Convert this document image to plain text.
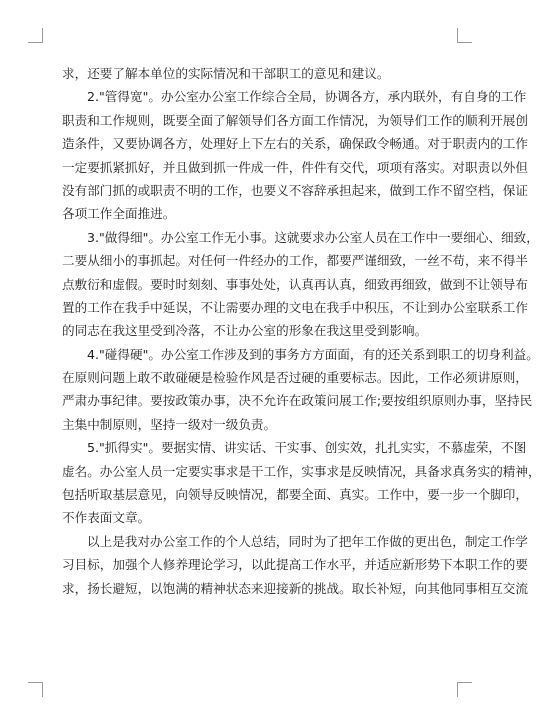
求，还要了解本单位的实际情况和干部职工的意见和建议。
2."管得宽"。办公室办公室工作综合全局，协调各方，承内联外，有自身的工作
职责和工作规则，既要全面了解领导们各方面工作情况，为领导们工作的顺利开展创
造条件，又要协调各方，处理好上下左右的关系，确保政令畅通。对于职责内的工作
一定要抓紧抓好，并且做到抓一件成一件，件件有交代，项项有落实。对职责以外但
没有部门抓的或职责不明的工作，也要义不容辞承担起来，做到工作不留空档，保证
各项工作全面推进。
3."做得细"。办公室工作无小事。这就要求办公室人员在工作中一要细心、细致，
二要从细小的事抓起。对任何一件经办的工作，都要严谨细致，一丝不苟，来不得半
点敷衍和虚假。要时时刻刻、事事处处，认真再认真，细致再细致，做到不让领导布
置的工作在我手中延误，不让需要办理的文电在我手中积压，不让到办公室联系工作
的同志在我这里受到冷落，不让办公室的形象在我这里受到影响。
4."碰得硬"。办公室工作涉及到的事务方方面面，有的还关系到职工的切身利益。
在原则问题上敢不敢碰硬是检验作风是否过硬的重要标志。因此，工作必须讲原则，
严肃办事纪律。要按政策办事，决不允许在政策问展工作;要按组织原则办事，坚持民
主集中制原则，坚持一级对一级负责。
5."抓得实"。要据实情、讲实话、干实事、创实效，扎扎实实，不慕虚荣，不图
虚名。办公室人员一定要实事求是干工作，实事求是反映情况，具备求真务实的精神，
包括听取基层意见，向领导反映情况，都要全面、真实。工作中，要一步一个脚印，
不作表面文章。
以上是我对办公室工作的个人总结，同时为了把年工作做的更出色，制定工作学
习目标，加强个人修养理论学习，以此提高工作水平，并适应新形势下本职工作的要
求，扬长避短，以饱满的精神状态来迎接新的挑战。取长补短，向其他同事相互交流
